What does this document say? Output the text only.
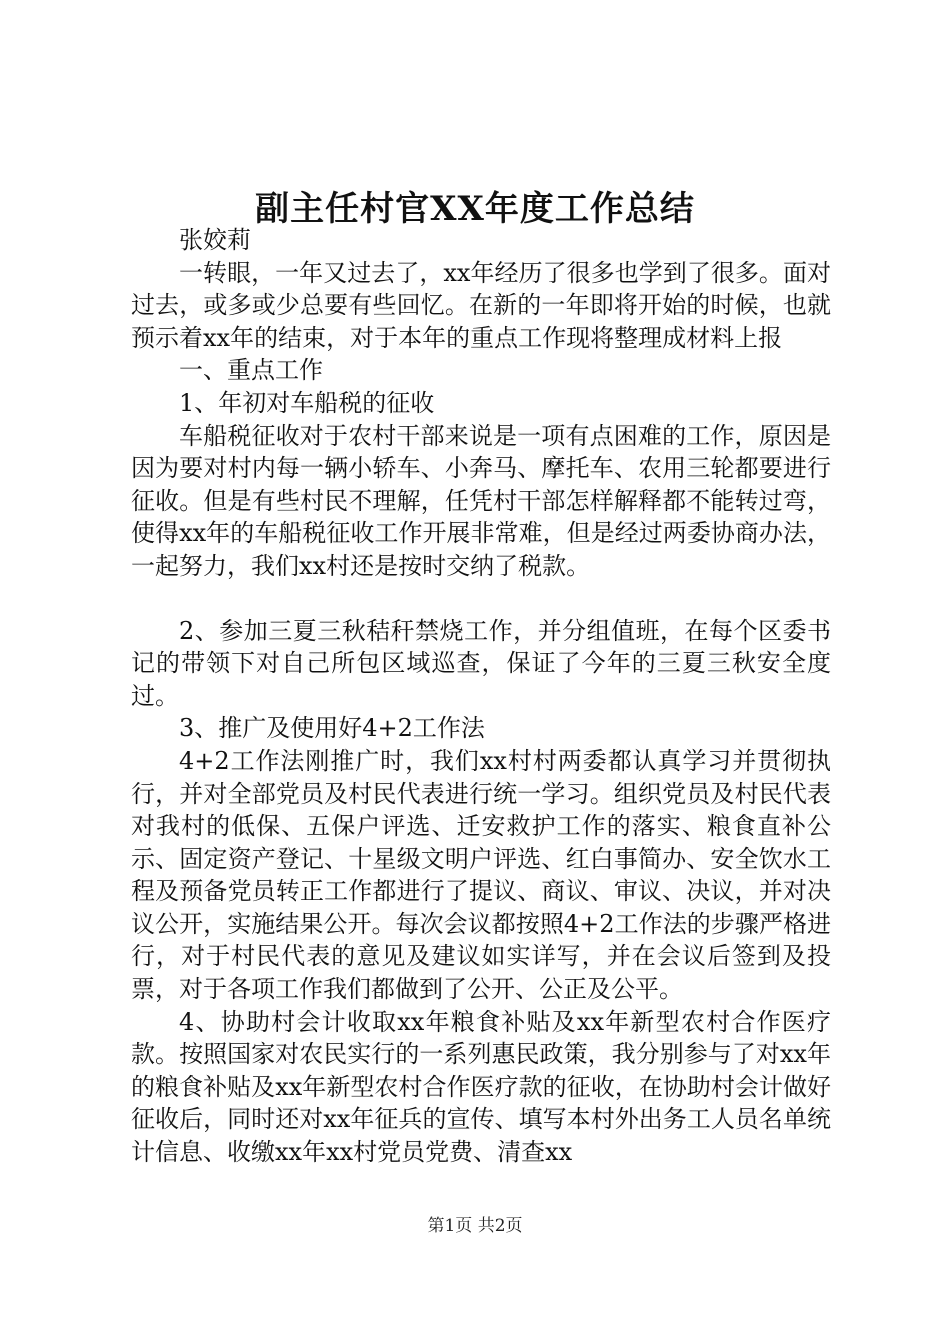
副主任村官XX年度工作总结

张姣莉

一转眼，一年又过去了，xx年经历了很多也学到了很多。面对过去，或多或少总要有些回忆。在新的一年即将开始的时候，也就预示着xx年的结束，对于本年的重点工作现将整理成材料上报

一、重点工作

1、年初对车船税的征收

车船税征收对于农村干部来说是一项有点困难的工作，原因是因为要对村内每一辆小轿车、小奔马、摩托车、农用三轮都要进行征收。但是有些村民不理解，任凭村干部怎样解释都不能转过弯，使得xx年的车船税征收工作开展非常难，但是经过两委协商办法，一起努力，我们xx村还是按时交纳了税款。

2、参加三夏三秋秸秆禁烧工作，并分组值班，在每个区委书记的带领下对自己所包区域巡查，保证了今年的三夏三秋安全度过。

3、推广及使用好4+2工作法

4+2工作法刚推广时，我们xx村村两委都认真学习并贯彻执行，并对全部党员及村民代表进行统一学习。组织党员及村民代表对我村的低保、五保户评选、迁安救护工作的落实、粮食直补公示、固定资产登记、十星级文明户评选、红白事简办、安全饮水工程及预备党员转正工作都进行了提议、商议、审议、决议，并对决议公开，实施结果公开。每次会议都按照4+2工作法的步骤严格进行，对于村民代表的意见及建议如实详写，并在会议后签到及投票，对于各项工作我们都做到了公开、公正及公平。

4、协助村会计收取xx年粮食补贴及xx年新型农村合作医疗款。按照国家对农民实行的一系列惠民政策，我分别参与了对xx年的粮食补贴及xx年新型农村合作医疗款的征收，在协助村会计做好征收后，同时还对xx年征兵的宣传、填写本村外出务工人员名单统计信息、收缴xx年xx村党员党费、清查xx

第1页 共2页
